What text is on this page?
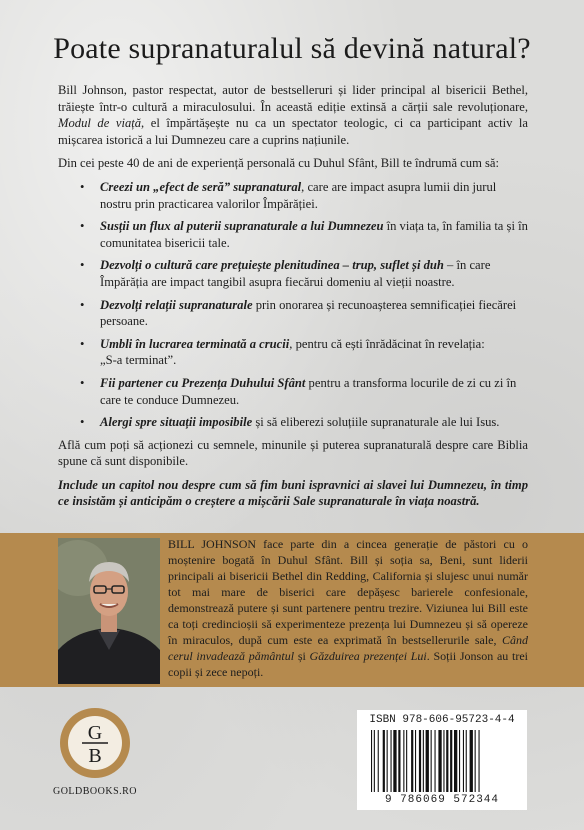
Poate supranaturalul să devină natural?

Bill Johnson, pastor respectat, autor de bestselleruri și lider principal al bisericii Bethel, trăiește într-o cultură a miraculosului. În această ediție extinsă a cărții sale revoluționare, Modul de viață, el împărtășește nu ca un spectator teologic, ci ca participant activ la mișcarea istorică a lui Dumnezeu care a cuprins națiunile.

Din cei peste 40 de ani de experiență personală cu Duhul Sfânt, Bill te îndrumă cum să:

• Creezi un „efect de seră” supranatural, care are impact asupra lumii din jurul nostru prin practicarea valorilor Împărăției.
• Susții un flux al puterii supranaturale a lui Dumnezeu în viața ta, în familia ta și în comunitatea bisericii tale.
• Dezvolți o cultură care prețuiește plenitudinea – trup, suflet și duh – în care Împărăția are impact tangibil asupra fiecărui domeniu al vieții noastre.
• Dezvolți relații supranaturale prin onorarea și recunoașterea semnificației fiecărei persoane.
• Umbli în lucrarea terminată a crucii, pentru că ești înrădăcinat în revelația:
„S-a terminat”.
• Fii partener cu Prezența Duhului Sfânt pentru a transforma locurile de zi cu zi în care te conduce Dumnezeu.
• Alergi spre situații imposibile și să eliberezi soluțiile supranaturale ale lui Isus.

Află cum poți să acționezi cu semnele, minunile și puterea supranaturală despre care Biblia spune că sunt disponibile.

Include un capitol nou despre cum să fim buni ispravnici ai slavei lui Dumnezeu, în timp ce insistăm și anticipăm o creștere a mișcării Sale supranaturale în viața noastră.

BILL JOHNSON face parte din a cincea generație de păstori cu o moștenire bogată în Duhul Sfânt. Bill și soția sa, Beni, sunt liderii principali ai bisericii Bethel din Redding, California și slujesc unui număr tot mai mare de biserici care depășesc barierele confesionale, demonstrează putere și sunt partenere pentru trezire. Viziunea lui Bill este ca toți credincioșii să experimenteze prezența lui Dumnezeu și să opereze în miraculos, după cum este ea exprimată în bestsellerurile sale, Când cerul invadează pământul și Găzduirea prezenței Lui. Soții Jonson au trei copii și zece nepoți.
G
B
GOLDBOOKS.RO
ISBN 978-606-95723-4-4
9 786069 572344
